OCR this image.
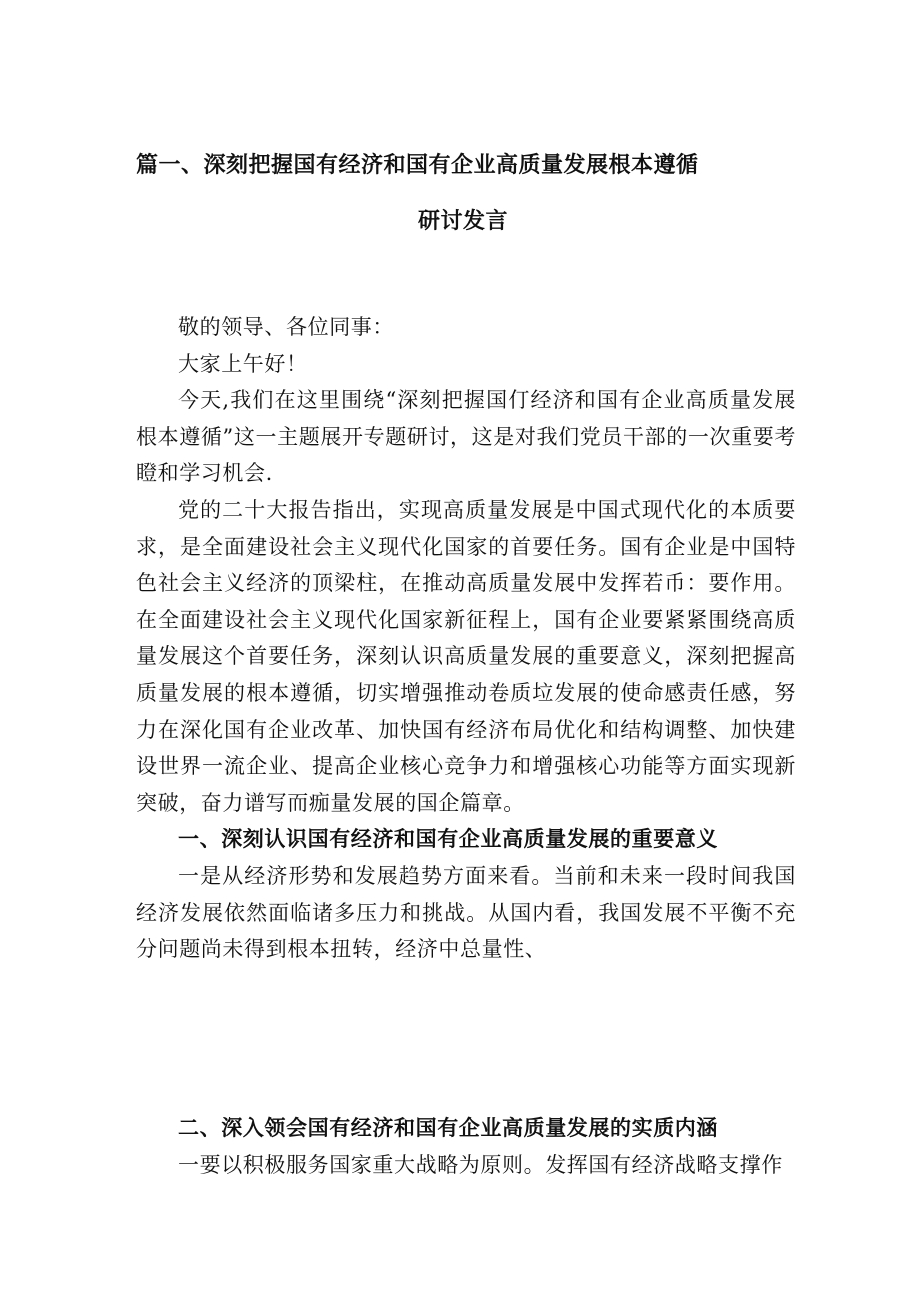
篇一、深刻把握国有经济和国有企业高质量发展根本遵循
研讨发言

敬的领导、各位同事：

大家上午好！

今天,我们在这里围绕“深刻把握国仃经济和国有企业高质量发展根本遵循”这一主题展开专题研讨，这是对我们党员干部的一次重要考瞪和学习机会.

党的二十大报告指出，实现高质量发展是中国式现代化的本质要求，是全面建设社会主义现代化国家的首要任务。国有企业是中国特色社会主义经济的顶梁柱，在推动高质量发展中发挥若币：要作用。在全面建设社会主义现代化国家新征程上，国有企业要紧紧围绕高质量发展这个首要任务，深刻认识高质量发展的重要意义，深刻把握高质量发展的根本遵循，切实增强推动卷质垃发展的使命感责任感，努力在深化国有企业改革、加快国有经济布局优化和结构调整、加快建设世界一流企业、提高企业核心竞争力和增强核心功能等方面实现新突破，奋力谱写而痂量发展的国企篇章。

一、深刻认识国有经济和国有企业高质量发展的重要意义

一是从经济形势和发展趋势方面来看。当前和未来一段时间我国经济发展依然面临诸多压力和挑战。从国内看，我国发展不平衡不充分问题尚未得到根本扭转，经济中总量性、

二、深入领会国有经济和国有企业高质量发展的实质内涵

一要以积极服务国家重大战略为原则。发挥国有经济战略支撑作
